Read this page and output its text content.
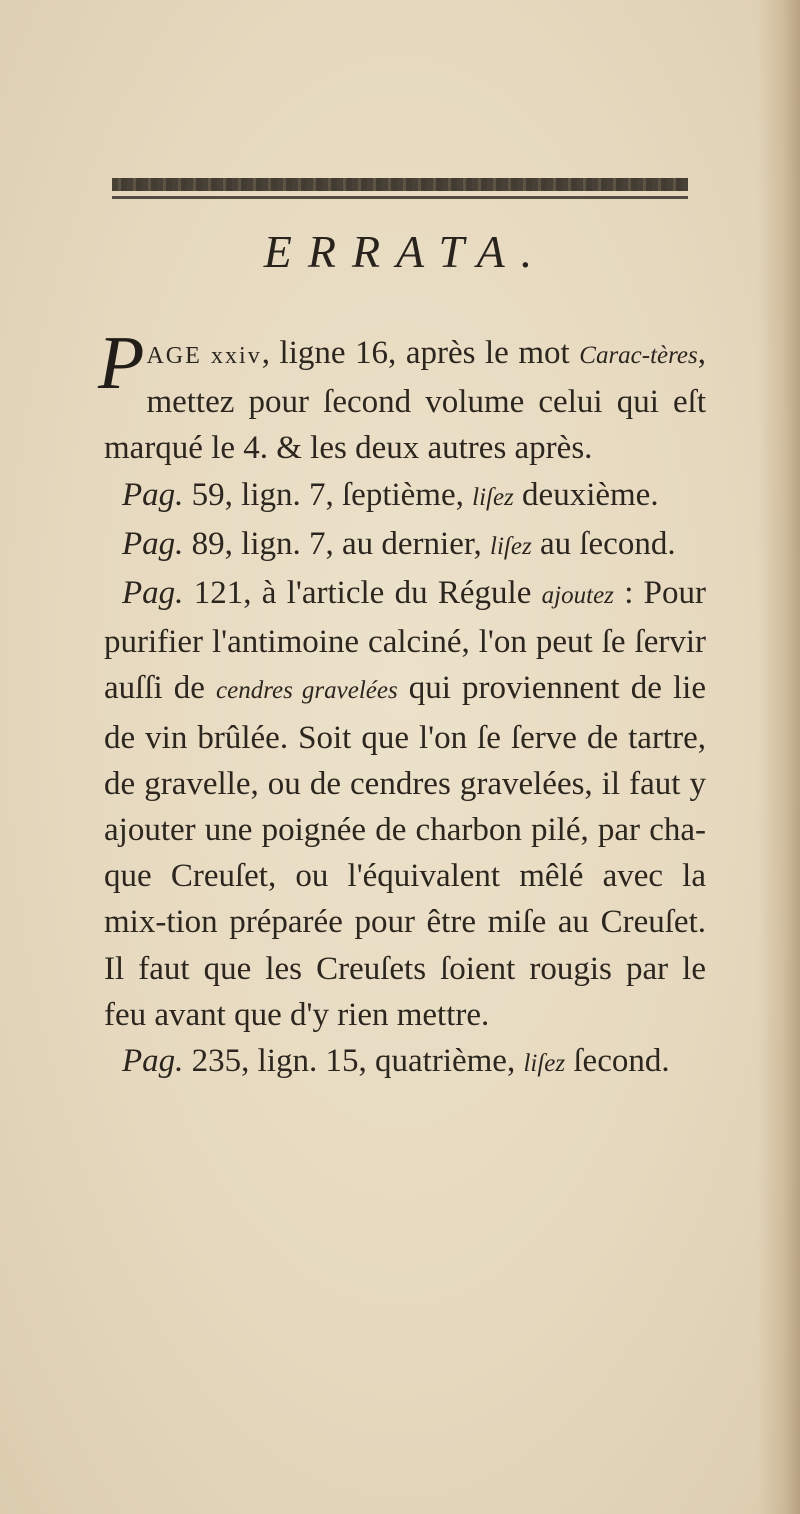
ERRATA.

PAGE xxiv, ligne 16, après le mot Carac-tères, mettez pour ſecond volume celui qui eſt marqué le 4. & les deux autres après.

Pag. 59, lign. 7, ſeptième, liſez deuxième.

Pag. 89, lign. 7, au dernier, liſez au ſecond.

Pag. 121, à l'article du Régule ajoutez : Pour purifier l'antimoine calciné, l'on peut ſe ſervir auſſi de cendres gravelées qui proviennent de lie de vin brûlée. Soit que l'on ſe ſerve de tartre, de gravelle, ou de cendres gravelées, il faut y ajouter une poignée de charbon pilé, par cha-que Creuſet, ou l'équivalent mêlé avec la mix-tion préparée pour être miſe au Creuſet. Il faut que les Creuſets ſoient rougis par le feu avant que d'y rien mettre.

Pag. 235, lign. 15, quatrième, liſez ſecond.
